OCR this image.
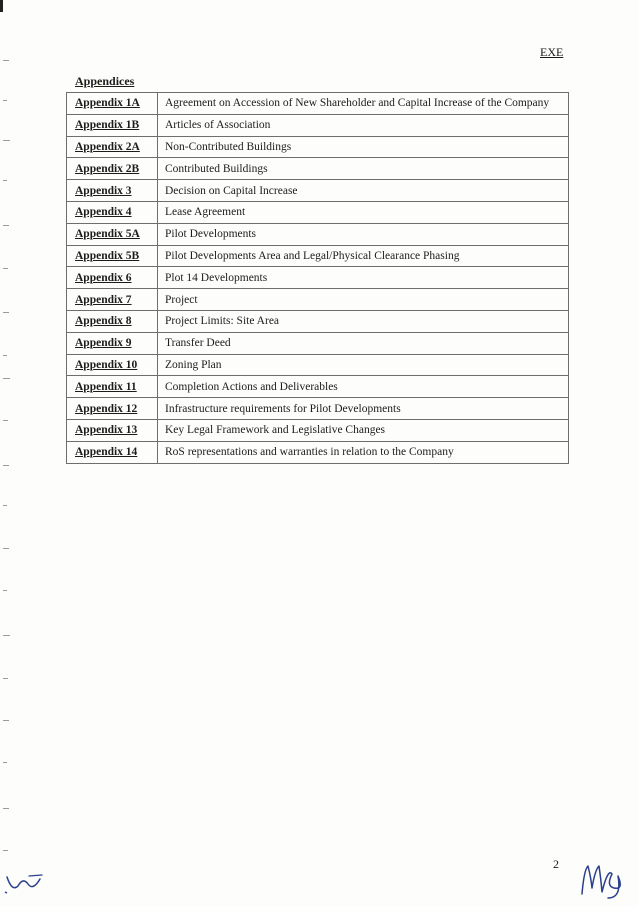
EXE
Appendices
Appendix 1A	Agreement on Accession of New Shareholder and Capital Increase of the Company
Appendix 1B	Articles of Association
Appendix 2A	Non-Contributed Buildings
Appendix 2B	Contributed Buildings
Appendix 3	Decision on Capital Increase
Appendix 4	Lease Agreement
Appendix 5A	Pilot Developments
Appendix 5B	Pilot Developments Area and Legal/Physical Clearance Phasing
Appendix 6	Plot 14 Developments
Appendix 7	Project
Appendix 8	Project Limits: Site Area
Appendix 9	Transfer Deed
Appendix 10	Zoning Plan
Appendix 11	Completion Actions and Deliverables
Appendix 12	Infrastructure requirements for Pilot Developments
Appendix 13	Key Legal Framework and Legislative Changes
Appendix 14	RoS representations and warranties in relation to the Company
2
